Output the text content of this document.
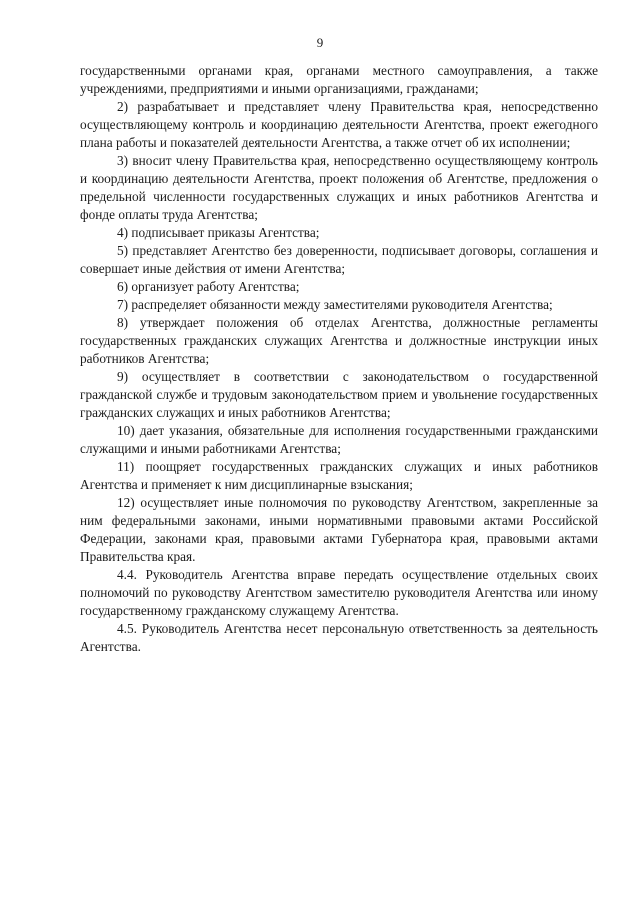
9

государственными органами края, органами местного самоуправления, а также учреждениями, предприятиями и иными организациями, гражданами;

2) разрабатывает и представляет члену Правительства края, непосредственно осуществляющему контроль и координацию деятельности Агентства, проект ежегодного плана работы и показателей деятельности Агентства, а также отчет об их исполнении;

3) вносит члену Правительства края, непосредственно осуществляющему контроль и координацию деятельности Агентства, проект положения об Агентстве, предложения о предельной численности государственных служащих и иных работников Агентства и фонде оплаты труда Агентства;

4) подписывает приказы Агентства;

5) представляет Агентство без доверенности, подписывает договоры, соглашения и совершает иные действия от имени Агентства;

6) организует работу Агентства;

7) распределяет обязанности между заместителями руководителя Агентства;

8) утверждает положения об отделах Агентства, должностные регламенты государственных гражданских служащих Агентства и должностные инструкции иных работников Агентства;

9) осуществляет в соответствии с законодательством о государственной гражданской службе и трудовым законодательством прием и увольнение государственных гражданских служащих и иных работников Агентства;

10) дает указания, обязательные для исполнения государственными гражданскими служащими и иными работниками Агентства;

11) поощряет государственных гражданских служащих и иных работников Агентства и применяет к ним дисциплинарные взыскания;

12) осуществляет иные полномочия по руководству Агентством, закрепленные за ним федеральными законами, иными нормативными правовыми актами Российской Федерации, законами края, правовыми актами Губернатора края, правовыми актами Правительства края.

4.4. Руководитель Агентства вправе передать осуществление отдельных своих полномочий по руководству Агентством заместителю руководителя Агентства или иному государственному гражданскому служащему Агентства.

4.5. Руководитель Агентства несет персональную ответственность за деятельность Агентства.
